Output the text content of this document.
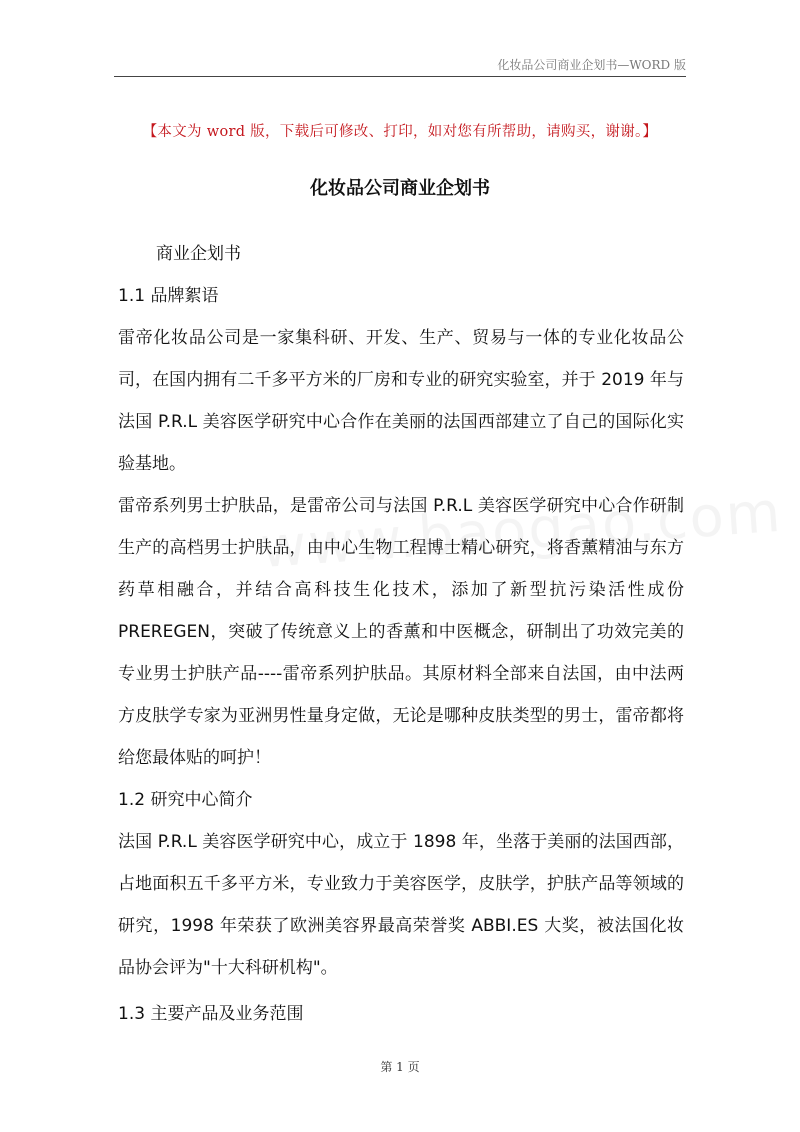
化妆品公司商业企划书—WORD 版
【本文为 word 版，下载后可修改、打印，如对您有所帮助，请购买，谢谢。】
化妆品公司商业企划书

商业企划书

1.1 品牌絮语

雷帝化妆品公司是一家集科研、开发、生产、贸易与一体的专业化妆品公司，在国内拥有二千多平方米的厂房和专业的研究实验室，并于 2019 年与法国 P.R.L 美容医学研究中心合作在美丽的法国西部建立了自己的国际化实验基地。

雷帝系列男士护肤品，是雷帝公司与法国 P.R.L 美容医学研究中心合作研制生产的高档男士护肤品，由中心生物工程博士精心研究，将香薰精油与东方药草相融合，并结合高科技生化技术，添加了新型抗污染活性成份 PREREGEN，突破了传统意义上的香薰和中医概念，研制出了功效完美的专业男士护肤产品----雷帝系列护肤品。其原材料全部来自法国，由中法两方皮肤学专家为亚洲男性量身定做，无论是哪种皮肤类型的男士，雷帝都将给您最体贴的呵护！

1.2 研究中心简介

法国 P.R.L 美容医学研究中心，成立于 1898 年，坐落于美丽的法国西部，占地面积五千多平方米，专业致力于美容医学，皮肤学，护肤产品等领域的研究，1998 年荣获了欧洲美容界最高荣誉奖 ABBI.ES 大奖，被法国化妆品协会评为"十大科研机构"。

1.3 主要产品及业务范围

第 1 页
